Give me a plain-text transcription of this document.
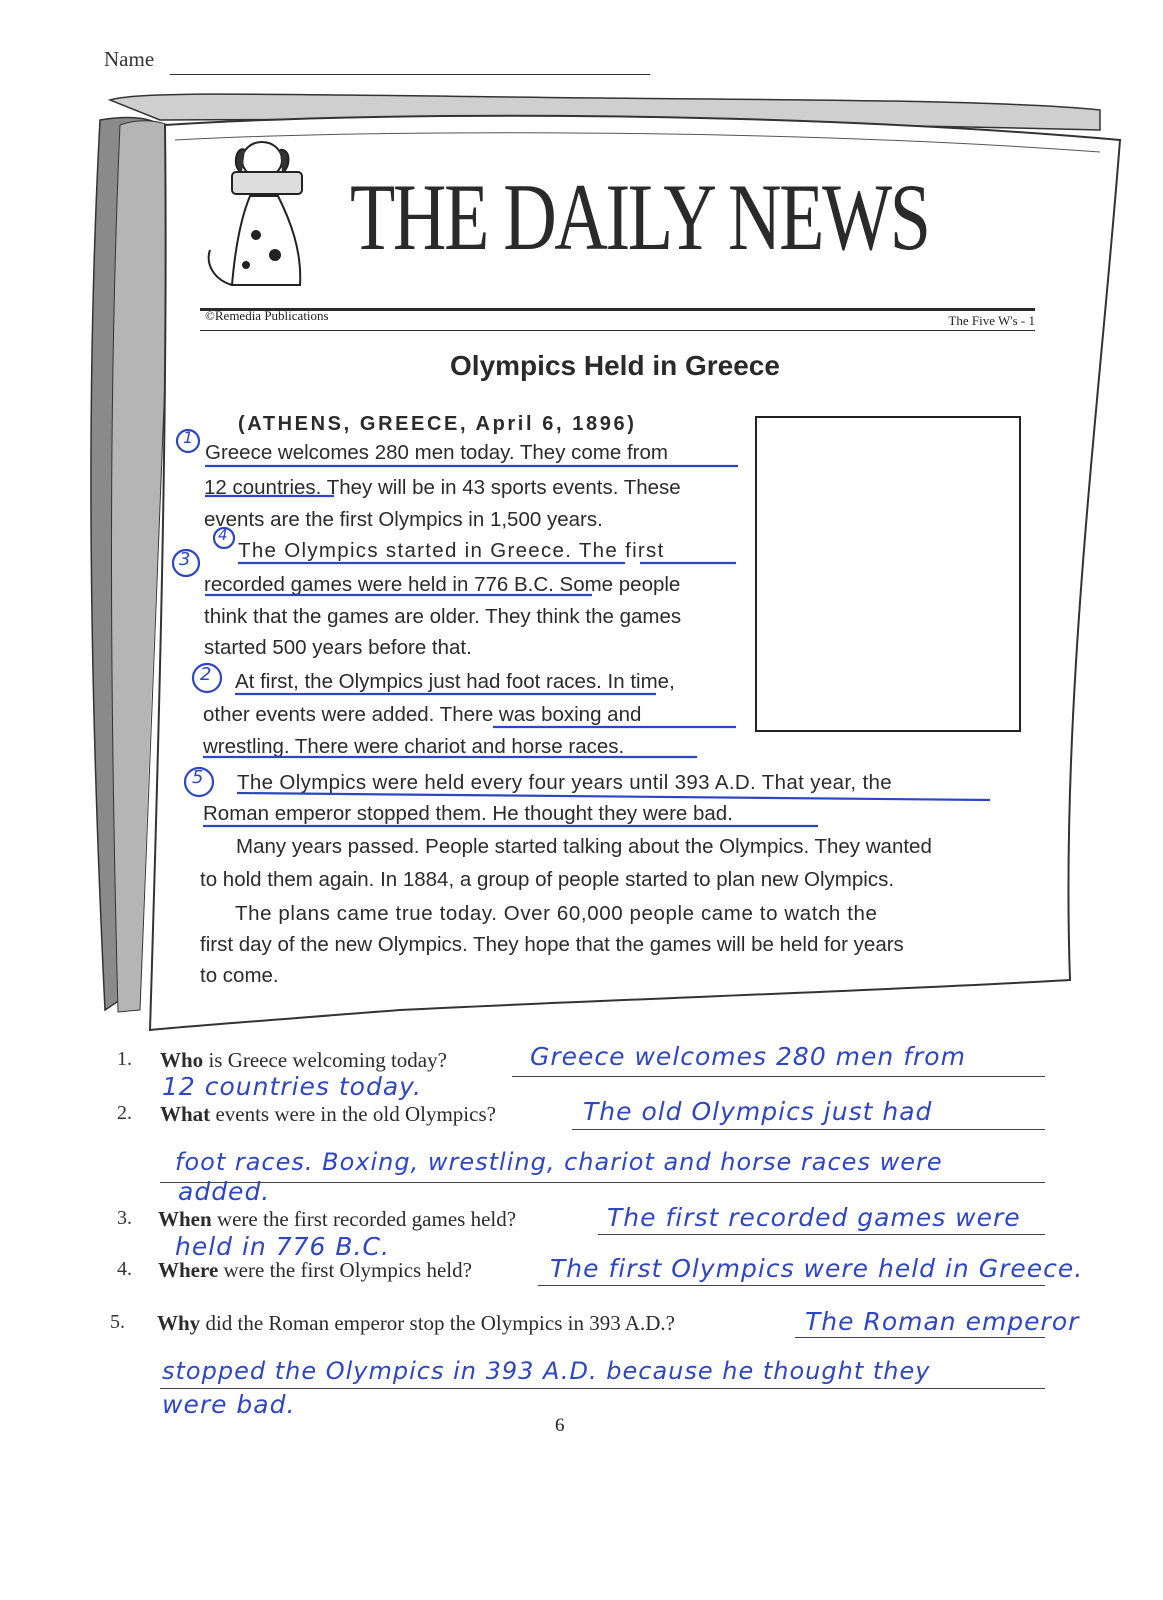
Name
THE DAILY NEWS
©Remedia Publications	The Five W's - 1
Olympics Held in Greece
(ATHENS, GREECE, April 6, 1896)
Greece welcomes 280 men today. They come from
12 countries. They will be in 43 sports events. These
events are the first Olympics in 1,500 years.
The Olympics started in Greece. The first
recorded games were held in 776 B.C. Some people
think that the games are older. They think the games
started 500 years before that.
At first, the Olympics just had foot races. In time,
other events were added. There was boxing and
wrestling. There were chariot and horse races.
The Olympics were held every four years until 393 A.D. That year, the
Roman emperor stopped them. He thought they were bad.
Many years passed. People started talking about the Olympics. They wanted
to hold them again. In 1884, a group of people started to plan new Olympics.
The plans came true today. Over 60,000 people came to watch the
first day of the new Olympics. They hope that the games will be held for years
to come.
1
2
3
4
5
1. Who is Greece welcoming today?	Greece welcomes 280 men from
12 countries today.
2. What events were in the old Olympics?	The old Olympics just had
foot races. Boxing, wrestling, chariot and horse races were
added.
3. When were the first recorded games held?	The first recorded games were
held in 776 B.C.
4. Where were the first Olympics held?	The first Olympics were held in Greece.
5. Why did the Roman emperor stop the Olympics in 393 A.D.?	The Roman emperor
stopped the Olympics in 393 A.D. because he thought they
were bad.
6
